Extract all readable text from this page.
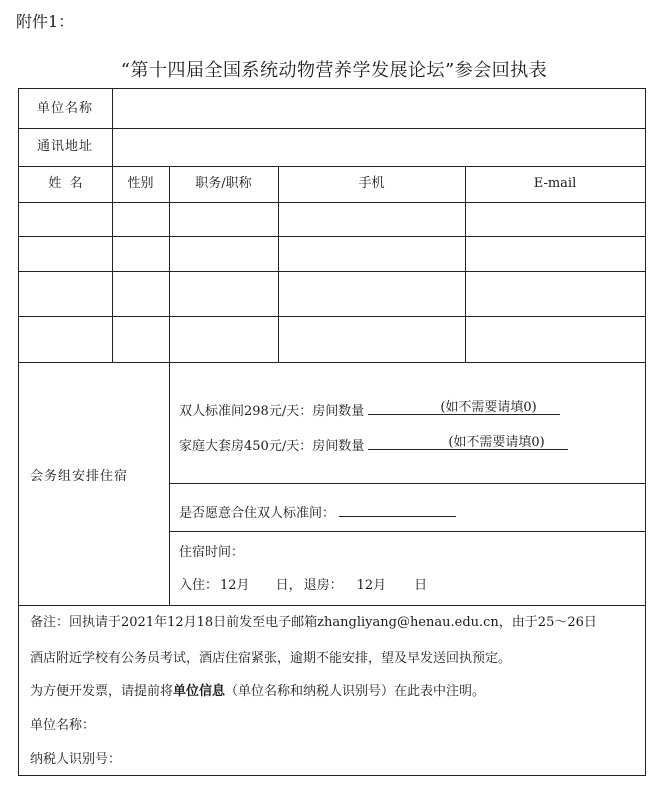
附件1：
“第十四届全国系统动物营养学发展论坛”参会回执表
单位名称
通讯地址
姓  名	性别	职务/职称	手机	E-mail
会务组安排住宿
双人标准间298元/天：房间数量	(如不需要请填0)
家庭大套房450元/天：房间数量	(如不需要请填0)
是否愿意合住双人标准间：
住宿时间：
入住： 12月 日， 退房： 12月 日
备注：回执请于2021年12月18日前发至电子邮箱zhangliyang@henau.edu.cn，由于25～26日
酒店附近学校有公务员考试，酒店住宿紧张，逾期不能安排，望及早发送回执预定。
为方便开发票，请提前将单位信息（单位名称和纳税人识别号）在此表中注明。
单位名称：
纳税人识别号：
